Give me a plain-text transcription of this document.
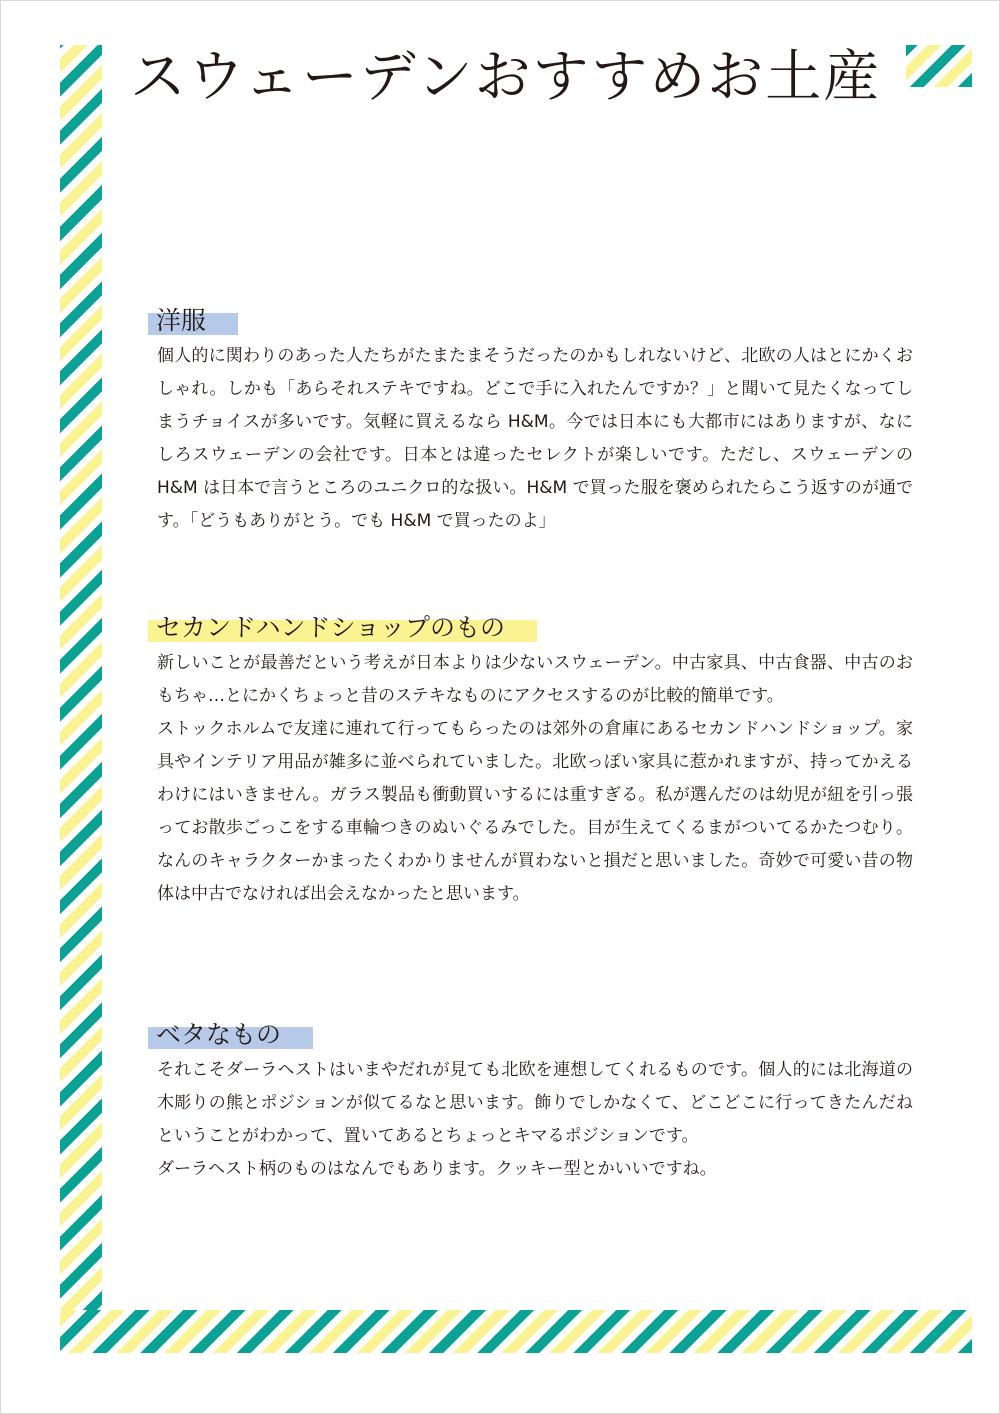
スウェーデンおすすめお土産
洋服

個人的に関わりのあった人たちがたまたまそうだったのかもしれないけど、北欧の人はとにかくおしゃれ。しかも「あらそれステキですね。どこで手に入れたんですか？」と聞いて見たくなってしまうチョイスが多いです。気軽に買えるなら H&M。今では日本にも大都市にはありますが、なにしろスウェーデンの会社です。日本とは違ったセレクトが楽しいです。ただし、スウェーデンの H&M は日本で言うところのユニクロ的な扱い。H&M で買った服を褒められたらこう返すのが通です。「どうもありがとう。でも H&M で買ったのよ」

セカンドハンドショップのもの

新しいことが最善だという考えが日本よりは少ないスウェーデン。中古家具、中古食器、中古のおもちゃ…とにかくちょっと昔のステキなものにアクセスするのが比較的簡単です。

ストックホルムで友達に連れて行ってもらったのは郊外の倉庫にあるセカンドハンドショップ。家具やインテリア用品が雑多に並べられていました。北欧っぽい家具に惹かれますが、持ってかえるわけにはいきません。ガラス製品も衝動買いするには重すぎる。私が選んだのは幼児が紐を引っ張ってお散歩ごっこをする車輪つきのぬいぐるみでした。目が生えてくるまがついてるかたつむり。なんのキャラクターかまったくわかりませんが買わないと損だと思いました。奇妙で可愛い昔の物体は中古でなければ出会えなかったと思います。

ベタなもの

それこそダーラヘストはいまやだれが見ても北欧を連想してくれるものです。個人的には北海道の木彫りの熊とポジションが似てるなと思います。飾りでしかなくて、どこどこに行ってきたんだねということがわかって、置いてあるとちょっとキマるポジションです。

ダーラヘスト柄のものはなんでもあります。クッキー型とかいいですね。
